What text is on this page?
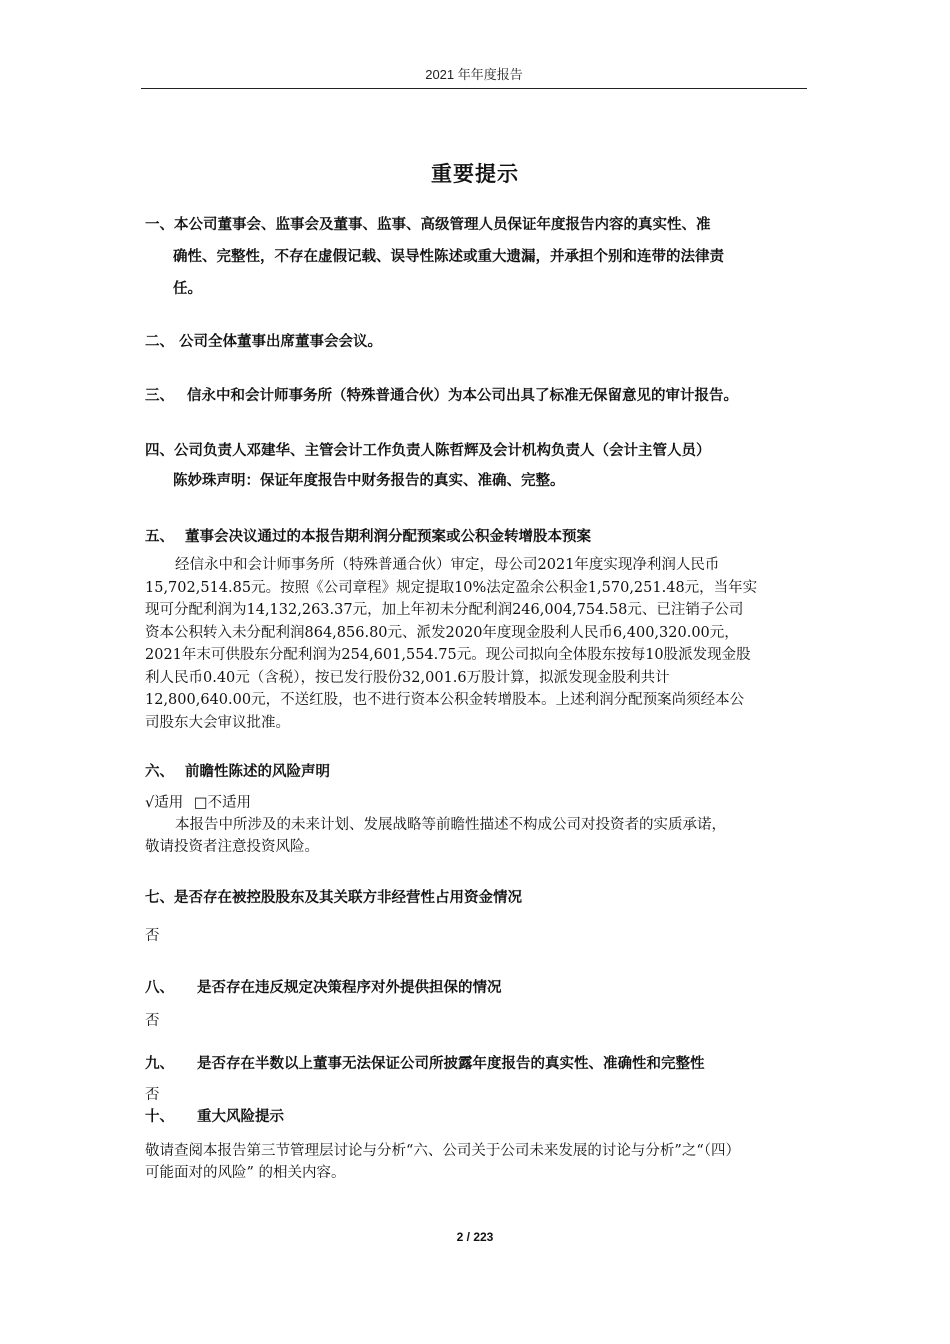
2021 年年度报告
重要提示
一、本公司董事会、监事会及董事、监事、高级管理人员保证年度报告内容的真实性、准
确性、完整性，不存在虚假记载、误导性陈述或重大遗漏，并承担个别和连带的法律责
任。
二、 公司全体董事出席董事会会议。
三、 信永中和会计师事务所（特殊普通合伙）为本公司出具了标准无保留意见的审计报告。
四、公司负责人邓建华、主管会计工作负责人陈哲辉及会计机构负责人（会计主管人员）
陈妙珠声明：保证年度报告中财务报告的真实、准确、完整。
五、 董事会决议通过的本报告期利润分配预案或公积金转增股本预案
经信永中和会计师事务所（特殊普通合伙）审定，母公司2021年度实现净利润人民币
15,702,514.85元。按照《公司章程》规定提取10%法定盈余公积金1,570,251.48元，当年实
现可分配利润为14,132,263.37元，加上年初未分配利润246,004,754.58元、已注销子公司
资本公积转入未分配利润864,856.80元、派发2020年度现金股利人民币6,400,320.00元，
2021年末可供股东分配利润为254,601,554.75元。现公司拟向全体股东按每10股派发现金股
利人民币0.40元（含税），按已发行股份32,001.6万股计算，拟派发现金股利共计
12,800,640.00元，不送红股，也不进行资本公积金转增股本。上述利润分配预案尚须经本公
司股东大会审议批准。
六、 前瞻性陈述的风险声明
√适用 □不适用
本报告中所涉及的未来计划、发展战略等前瞻性描述不构成公司对投资者的实质承诺，
敬请投资者注意投资风险。
七、是否存在被控股股东及其关联方非经营性占用资金情况
否
八、 是否存在违反规定决策程序对外提供担保的情况
否
九、 是否存在半数以上董事无法保证公司所披露年度报告的真实性、准确性和完整性
否
十、 重大风险提示
敬请查阅本报告第三节管理层讨论与分析“六、公司关于公司未来发展的讨论与分析”之“（四）
可能面对的风险” 的相关内容。
2 / 223
